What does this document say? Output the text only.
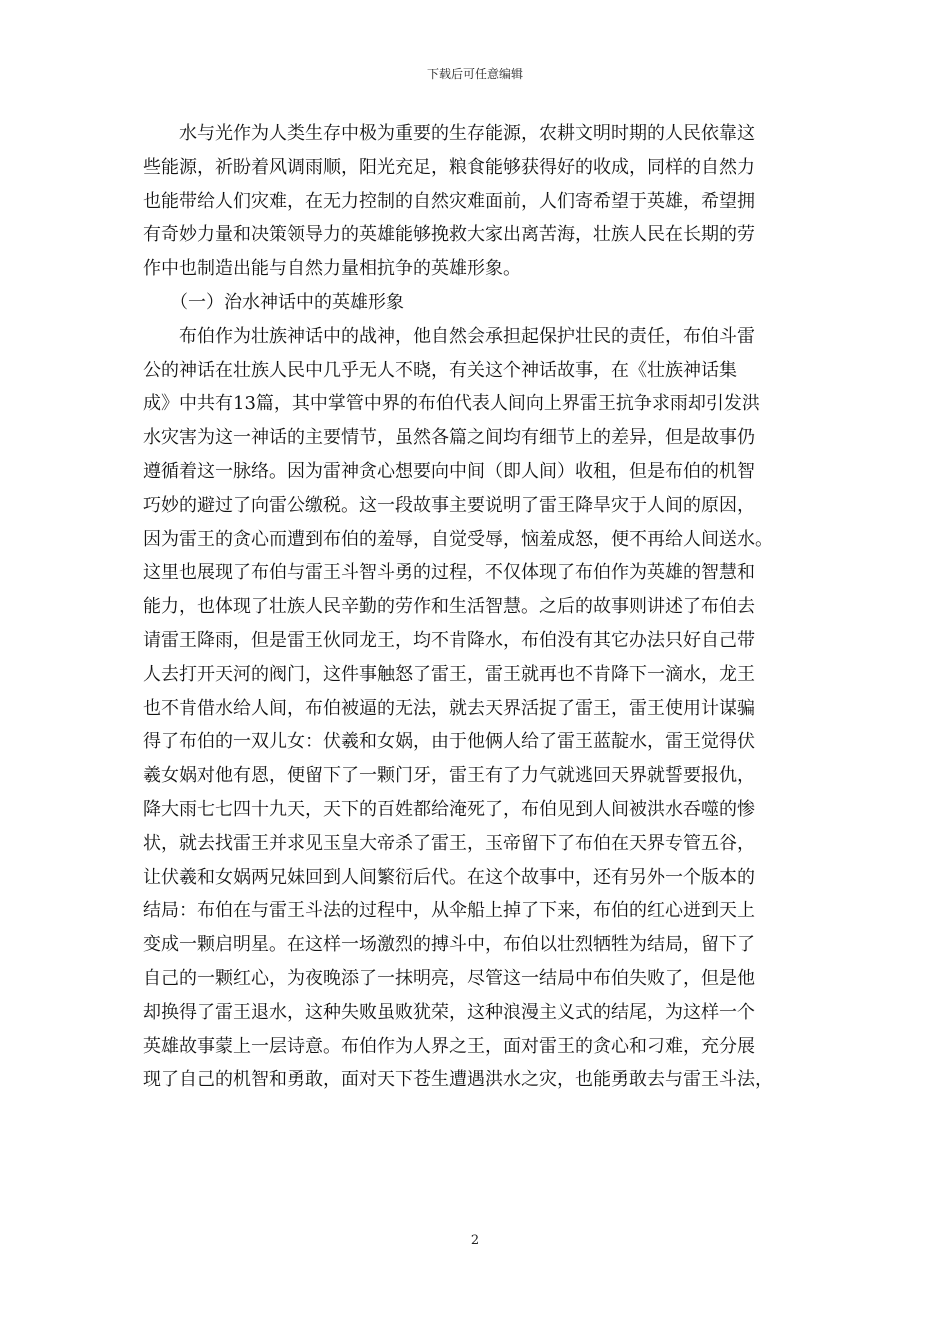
下载后可任意编辑
　　水与光作为人类生存中极为重要的生存能源，农耕文明时期的人民依靠这
些能源，祈盼着风调雨顺，阳光充足，粮食能够获得好的收成，同样的自然力
也能带给人们灾难，在无力控制的自然灾难面前，人们寄希望于英雄，希望拥
有奇妙力量和决策领导力的英雄能够挽救大家出离苦海，壮族人民在长期的劳
作中也制造出能与自然力量相抗争的英雄形象。
　　（一）治水神话中的英雄形象
　　布伯作为壮族神话中的战神，他自然会承担起保护壮民的责任，布伯斗雷
公的神话在壮族人民中几乎无人不晓，有关这个神话故事，在《壮族神话集
成》中共有13篇，其中掌管中界的布伯代表人间向上界雷王抗争求雨却引发洪
水灾害为这一神话的主要情节，虽然各篇之间均有细节上的差异，但是故事仍
遵循着这一脉络。因为雷神贪心想要向中间（即人间）收租，但是布伯的机智
巧妙的避过了向雷公缴税。这一段故事主要说明了雷王降旱灾于人间的原因，
因为雷王的贪心而遭到布伯的羞辱，自觉受辱，恼羞成怒，便不再给人间送水。
这里也展现了布伯与雷王斗智斗勇的过程，不仅体现了布伯作为英雄的智慧和
能力，也体现了壮族人民辛勤的劳作和生活智慧。之后的故事则讲述了布伯去
请雷王降雨，但是雷王伙同龙王，均不肯降水，布伯没有其它办法只好自己带
人去打开天河的阀门，这件事触怒了雷王，雷王就再也不肯降下一滴水，龙王
也不肯借水给人间，布伯被逼的无法，就去天界活捉了雷王，雷王使用计谋骗
得了布伯的一双儿女：伏羲和女娲，由于他俩人给了雷王蓝靛水，雷王觉得伏
羲女娲对他有恩，便留下了一颗门牙，雷王有了力气就逃回天界就誓要报仇，
降大雨七七四十九天，天下的百姓都给淹死了，布伯见到人间被洪水吞噬的惨
状，就去找雷王并求见玉皇大帝杀了雷王，玉帝留下了布伯在天界专管五谷，
让伏羲和女娲两兄妹回到人间繁衍后代。在这个故事中，还有另外一个版本的
结局：布伯在与雷王斗法的过程中，从伞船上掉了下来，布伯的红心迸到天上
变成一颗启明星。在这样一场激烈的搏斗中，布伯以壮烈牺牲为结局，留下了
自己的一颗红心，为夜晚添了一抹明亮，尽管这一结局中布伯失败了，但是他
却换得了雷王退水，这种失败虽败犹荣，这种浪漫主义式的结尾，为这样一个
英雄故事蒙上一层诗意。布伯作为人界之王，面对雷王的贪心和刁难，充分展
现了自己的机智和勇敢，面对天下苍生遭遇洪水之灾，也能勇敢去与雷王斗法，
2
